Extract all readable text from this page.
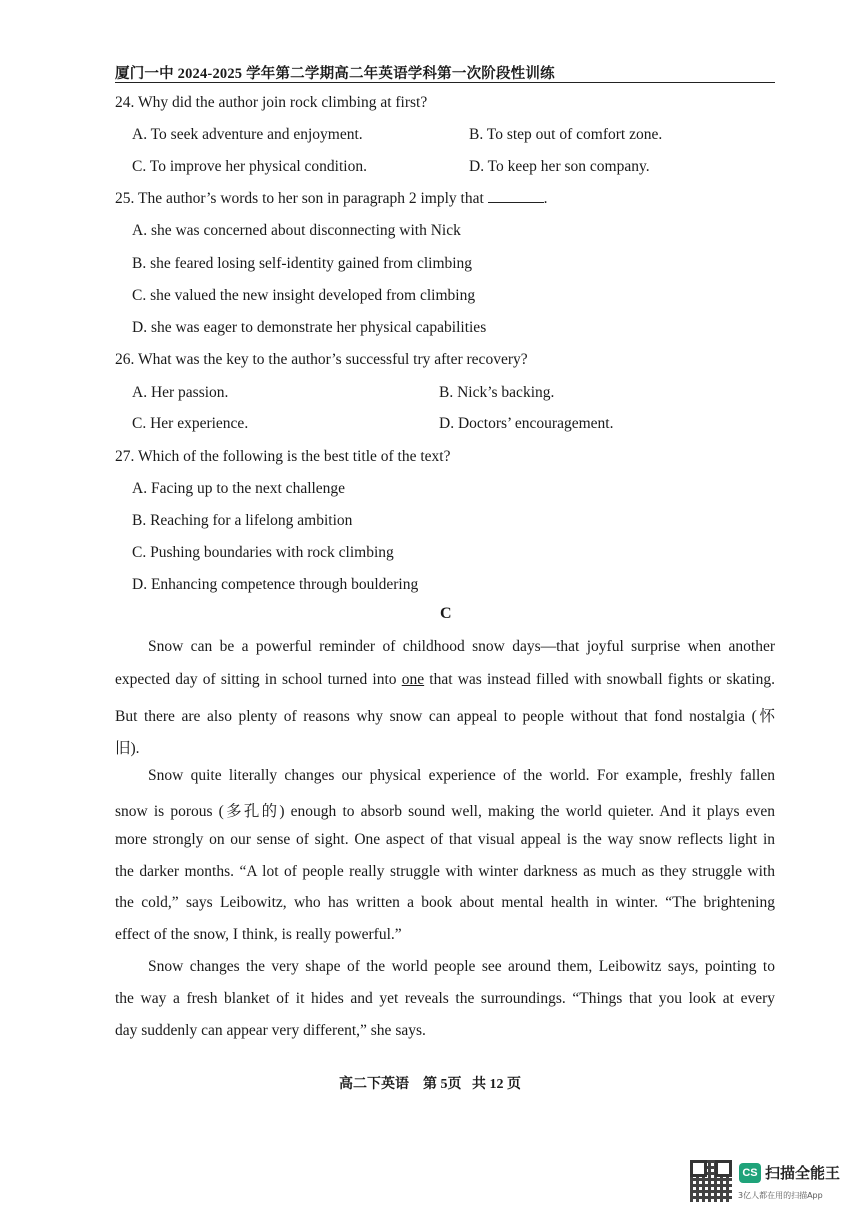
厦门一中 2024-2025 学年第二学期高二年英语学科第一次阶段性训练
24. Why did the author join rock climbing at first?
A. To seek adventure and enjoyment.	B. To step out of comfort zone.
C. To improve her physical condition.	D. To keep her son company.
25. The author’s words to her son in paragraph 2 imply that	.
A. she was concerned about disconnecting with Nick
B. she feared losing self-identity gained from climbing
C. she valued the new insight developed from climbing
D. she was eager to demonstrate her physical capabilities
26. What was the key to the author’s successful try after recovery?
A. Her passion.	B. Nick’s backing.
C. Her experience.	D. Doctors’ encouragement.
27. Which of the following is the best title of the text?
A. Facing up to the next challenge
B. Reaching for a lifelong ambition
C. Pushing boundaries with rock climbing
D. Enhancing competence through bouldering
C
Snow can be a powerful reminder of childhood snow days—that joyful surprise when another
expected day of sitting in school turned into one that was instead filled with snowball fights or skating.
But there are also plenty of reasons why snow can appeal to people without that fond nostalgia (怀
旧).
Snow quite literally changes our physical experience of the world. For example, freshly fallen
snow is porous (多孔的) enough to absorb sound well, making the world quieter. And it plays even
more strongly on our sense of sight. One aspect of that visual appeal is the way snow reflects light in
the darker months. “A lot of people really struggle with winter darkness as much as they struggle with
the cold,” says Leibowitz, who has written a book about mental health in winter. “The brightening
effect of the snow, I think, is really powerful.”
Snow changes the very shape of the world people see around them, Leibowitz says, pointing to
the way a fresh blanket of it hides and yet reveals the surroundings. “Things that you look at every
day suddenly can appear very different,” she says.
高二下英语    第 5页   共 12 页
CS 扫描全能王
3亿人都在用的扫描App
